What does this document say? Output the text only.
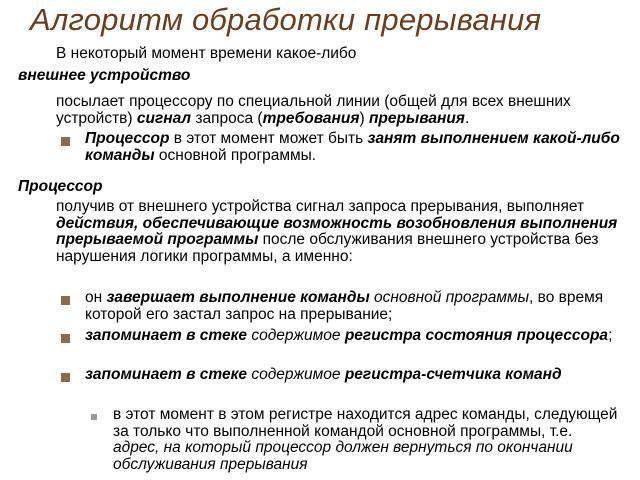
Алгоритм обработки прерывания
В некоторый момент времени какое-либо
внешнее устройство
посылает процессору по специальной линии (общей для всех внешних устройств) сигнал запроса (требования) прерывания.
Процессор в этот момент может быть занят выполнением какой-либо команды основной программы.
Процессор
получив от внешнего устройства сигнал запроса прерывания, выполняет действия, обеспечивающие возможность возобновления выполнения прерываемой программы после обслуживания внешнего устройства без нарушения логики программы, а именно:
он завершает выполнение команды основной программы, во время которой его застал запрос на прерывание;
запоминает в стеке содержимое регистра состояния процессора;
запоминает в стеке содержимое регистра-счетчика команд
в этот момент в этом регистре находится адрес команды, следующей за только что выполненной командой основной программы, т.е. адрес, на который процессор должен вернуться по окончании обслуживания прерывания
